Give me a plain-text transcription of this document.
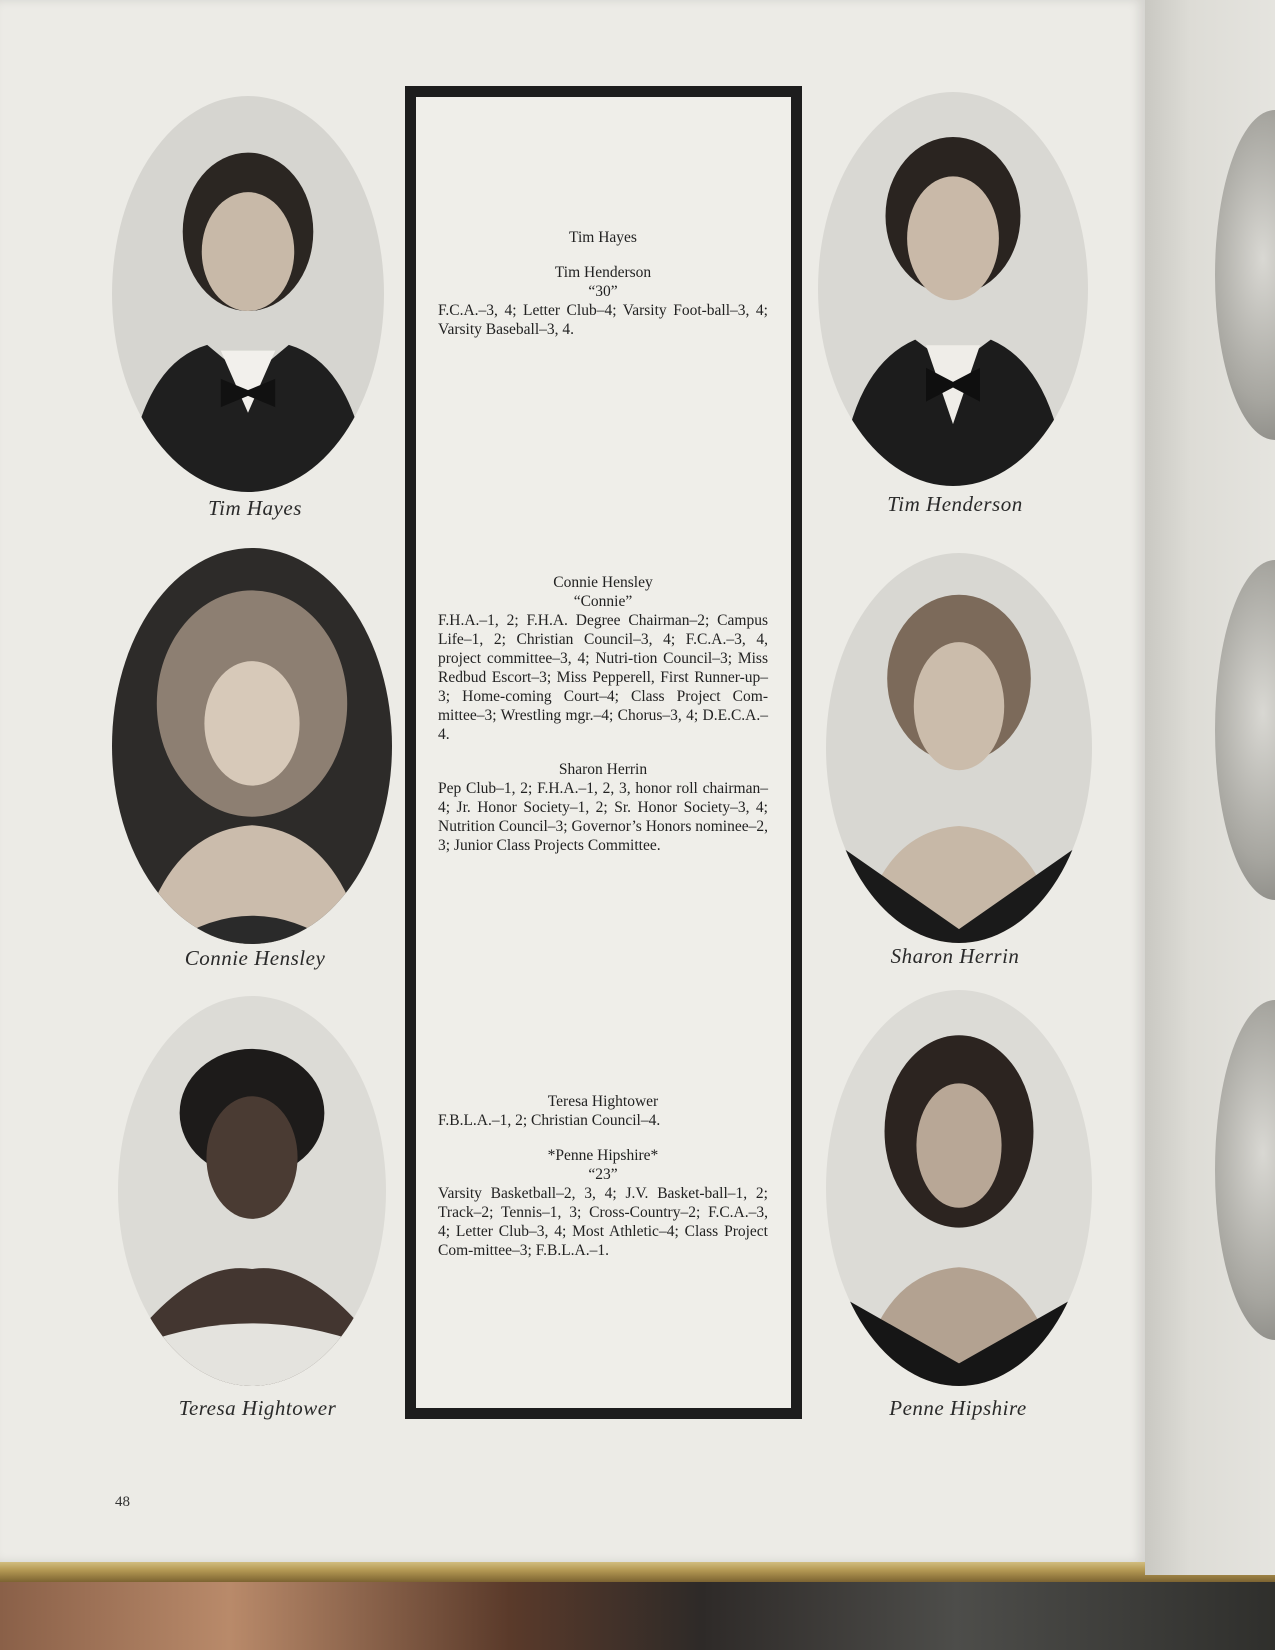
Tim Hayes
Connie Hensley
Teresa Hightower
Tim Hayes
Tim Henderson
“30”
F.C.A.–3, 4; Letter Club–4; Varsity Foot-ball–3, 4; Varsity Baseball–3, 4.
Connie Hensley
“Connie”
F.H.A.–1, 2; F.H.A. Degree Chairman–2; Campus Life–1, 2; Christian Council–3, 4; F.C.A.–3, 4, project committee–3, 4; Nutri-tion Council–3; Miss Redbud Escort–3; Miss Pepperell, First Runner-up–3; Home-coming Court–4; Class Project Com-mittee–3; Wrestling mgr.–4; Chorus–3, 4; D.E.C.A.–4.
Sharon Herrin
Pep Club–1, 2; F.H.A.–1, 2, 3, honor roll chairman–4; Jr. Honor Society–1, 2; Sr. Honor Society–3, 4; Nutrition Council–3; Governor’s Honors nominee–2, 3; Junior Class Projects Committee.
Teresa Hightower
F.B.L.A.–1, 2; Christian Council–4.
*Penne Hipshire*
“23”
Varsity Basketball–2, 3, 4; J.V. Basket-ball–1, 2; Track–2; Tennis–1, 3; Cross-Country–2; F.C.A.–3, 4; Letter Club–3, 4; Most Athletic–4; Class Project Com-mittee–3; F.B.L.A.–1.
Tim Henderson
Sharon Herrin
Penne Hipshire
48
